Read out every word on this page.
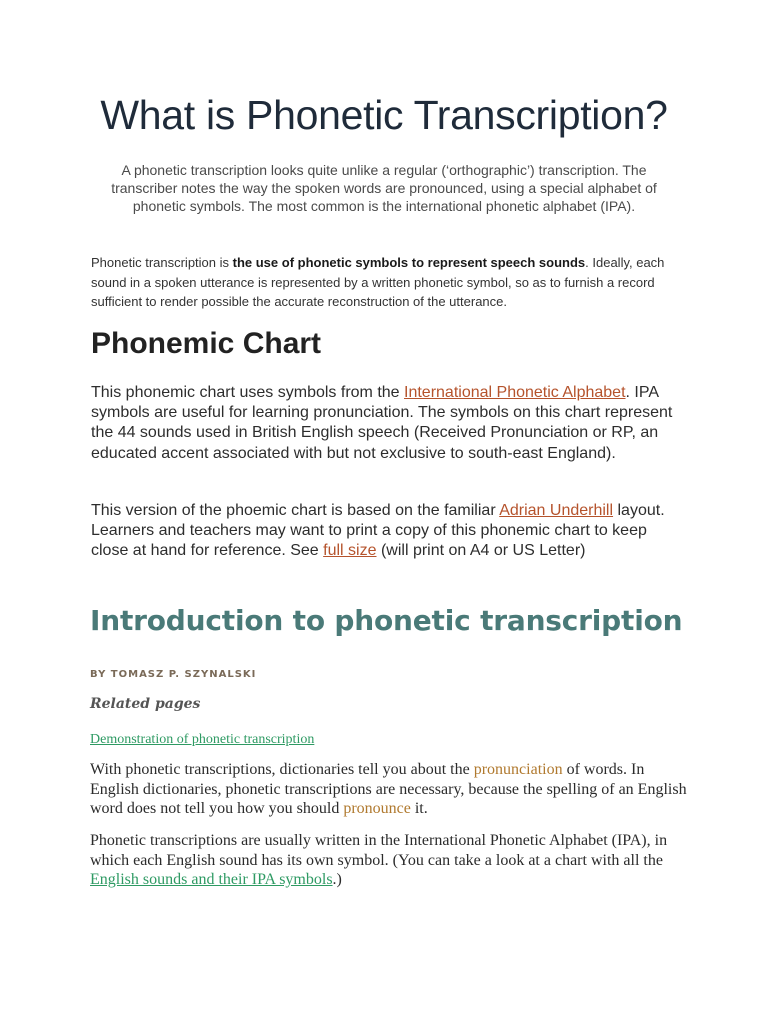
What is Phonetic Transcription?

A phonetic transcription looks quite unlike a regular (‘orthographic’) transcription. The transcriber notes the way the spoken words are pronounced, using a special alphabet of phonetic symbols. The most common is the international phonetic alphabet (IPA).

Phonetic transcription is the use of phonetic symbols to represent speech sounds. Ideally, each sound in a spoken utterance is represented by a written phonetic symbol, so as to furnish a record sufficient to render possible the accurate reconstruction of the utterance.

Phonemic Chart

This phonemic chart uses symbols from the International Phonetic Alphabet. IPA symbols are useful for learning pronunciation. The symbols on this chart represent the 44 sounds used in British English speech (Received Pronunciation or RP, an educated accent associated with but not exclusive to south-east England).

This version of the phoemic chart is based on the familiar Adrian Underhill layout. Learners and teachers may want to print a copy of this phonemic chart to keep close at hand for reference. See full size (will print on A4 or US Letter)

Introduction to phonetic transcription
BY TOMASZ P. SZYNALSKI
Related pages
Demonstration of phonetic transcription

With phonetic transcriptions, dictionaries tell you about the pronunciation of words. In English dictionaries, phonetic transcriptions are necessary, because the spelling of an English word does not tell you how you should pronounce it.

Phonetic transcriptions are usually written in the International Phonetic Alphabet (IPA), in which each English sound has its own symbol. (You can take a look at a chart with all the English sounds and their IPA symbols.)
